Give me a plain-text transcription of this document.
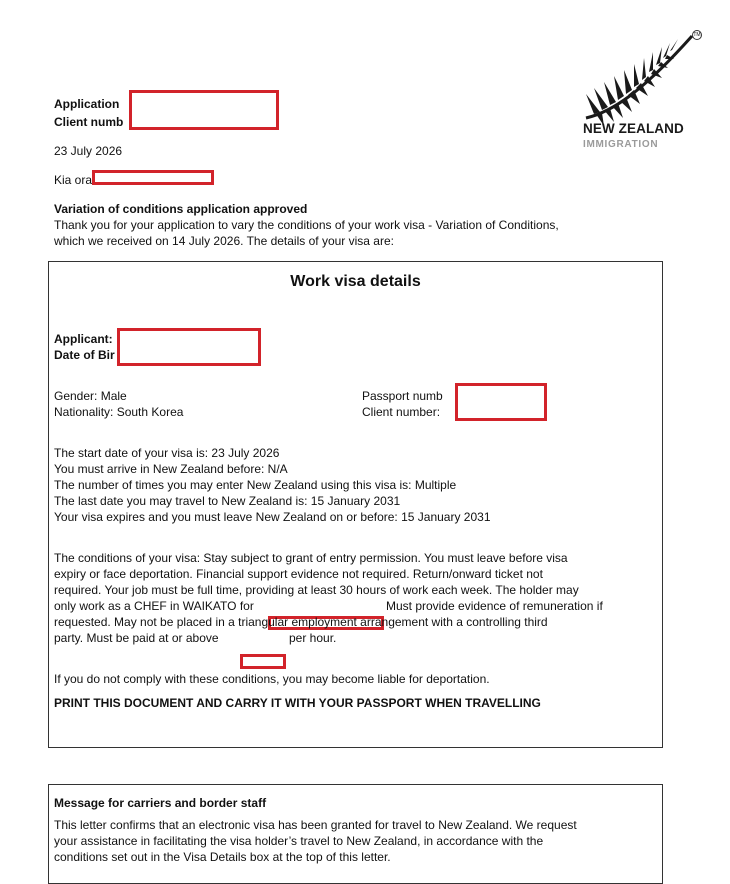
TM
NEW ZEALAND
IMMIGRATION
Application
Client numb
23 July 2026
Kia ora
Variation of conditions application approved
Thank you for your application to vary the conditions of your work visa - Variation of Conditions,
which we received on 14 July 2026. The details of your visa are:
Work visa details
Applicant:
Date of Bir
Gender: Male
Nationality: South Korea
Passport numb
Client number:
The start date of your visa is: 23 July 2026
You must arrive in New Zealand before: N/A
The number of times you may enter New Zealand using this visa is: Multiple
The last date you may travel to New Zealand is: 15 January 2031
Your visa expires and you must leave New Zealand on or before: 15 January 2031
The conditions of your visa: Stay subject to grant of entry permission. You must leave before visa
expiry or face deportation. Financial support evidence not required. Return/onward ticket not
required. Your job must be full time, providing at least 30 hours of work each week. The holder may
only work as a CHEF in WAIKATO for	Must provide evidence of remuneration if
requested. May not be placed in a triangular employment arrangement with a controlling third
party. Must be paid at or above	per hour.
If you do not comply with these conditions, you may become liable for deportation.
PRINT THIS DOCUMENT AND CARRY IT WITH YOUR PASSPORT WHEN TRAVELLING
Message for carriers and border staff
This letter confirms that an electronic visa has been granted for travel to New Zealand. We request
your assistance in facilitating the visa holder’s travel to New Zealand, in accordance with the
conditions set out in the Visa Details box at the top of this letter.
